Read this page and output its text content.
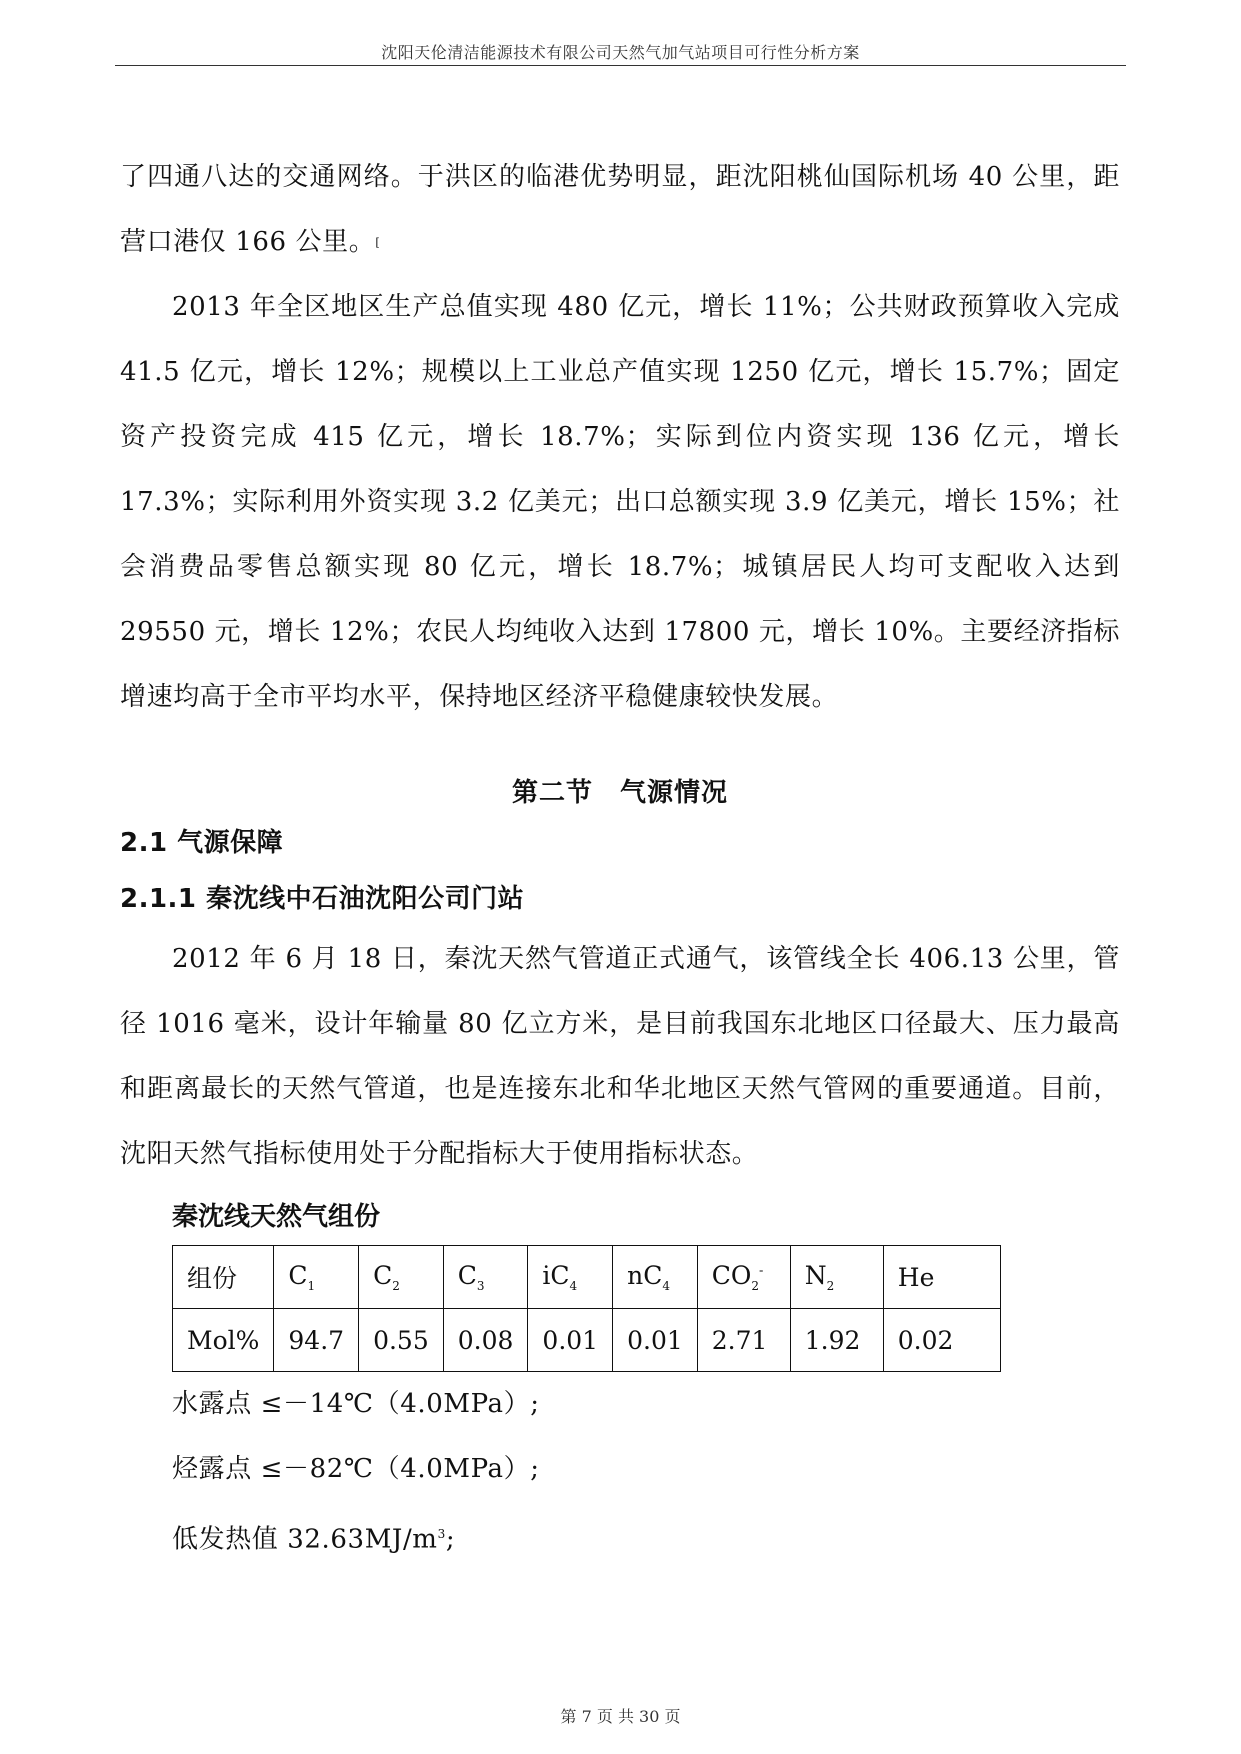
沈阳天伦清洁能源技术有限公司天然气加气站项目可行性分析方案

了四通八达的交通网络。于洪区的临港优势明显，距沈阳桃仙国际机场 40 公里，距营口港仅 166 公里。[

2013 年全区地区生产总值实现 480 亿元，增长 11%；公共财政预算收入完成 41.5 亿元，增长 12%；规模以上工业总产值实现 1250 亿元，增长 15.7%；固定资产投资完成 415 亿元，增长 18.7%；实际到位内资实现 136 亿元，增长 17.3%；实际利用外资实现 3.2 亿美元；出口总额实现 3.9 亿美元，增长 15%；社会消费品零售总额实现 80 亿元，增长 18.7%；城镇居民人均可支配收入达到 29550 元，增长 12%；农民人均纯收入达到 17800 元，增长 10%。主要经济指标增速均高于全市平均水平，保持地区经济平稳健康较快发展。

第二节　气源情况
2.1 气源保障
2.1.1 秦沈线中石油沈阳公司门站

2012 年 6 月 18 日，秦沈天然气管道正式通气，该管线全长 406.13 公里，管径 1016 毫米，设计年输量 80 亿立方米，是目前我国东北地区口径最大、压力最高和距离最长的天然气管道，也是连接东北和华北地区天然气管网的重要通道。目前，沈阳天然气指标使用处于分配指标大于使用指标状态。

秦沈线天然气组份
组份	$C_1$	$C_2$	$C_3$	$iC_4$	$nC_4$	$CO_2^-$	$N_2$	He
Mol%	94.7	0.55	0.08	0.01	0.01	2.71	1.92	0.02
水露点 ≤－14℃（4.0MPa）;
烃露点 ≤－82℃（4.0MPa）;
低发热值 $32.63MJ/m^3$;
第 7 页 共 30 页
